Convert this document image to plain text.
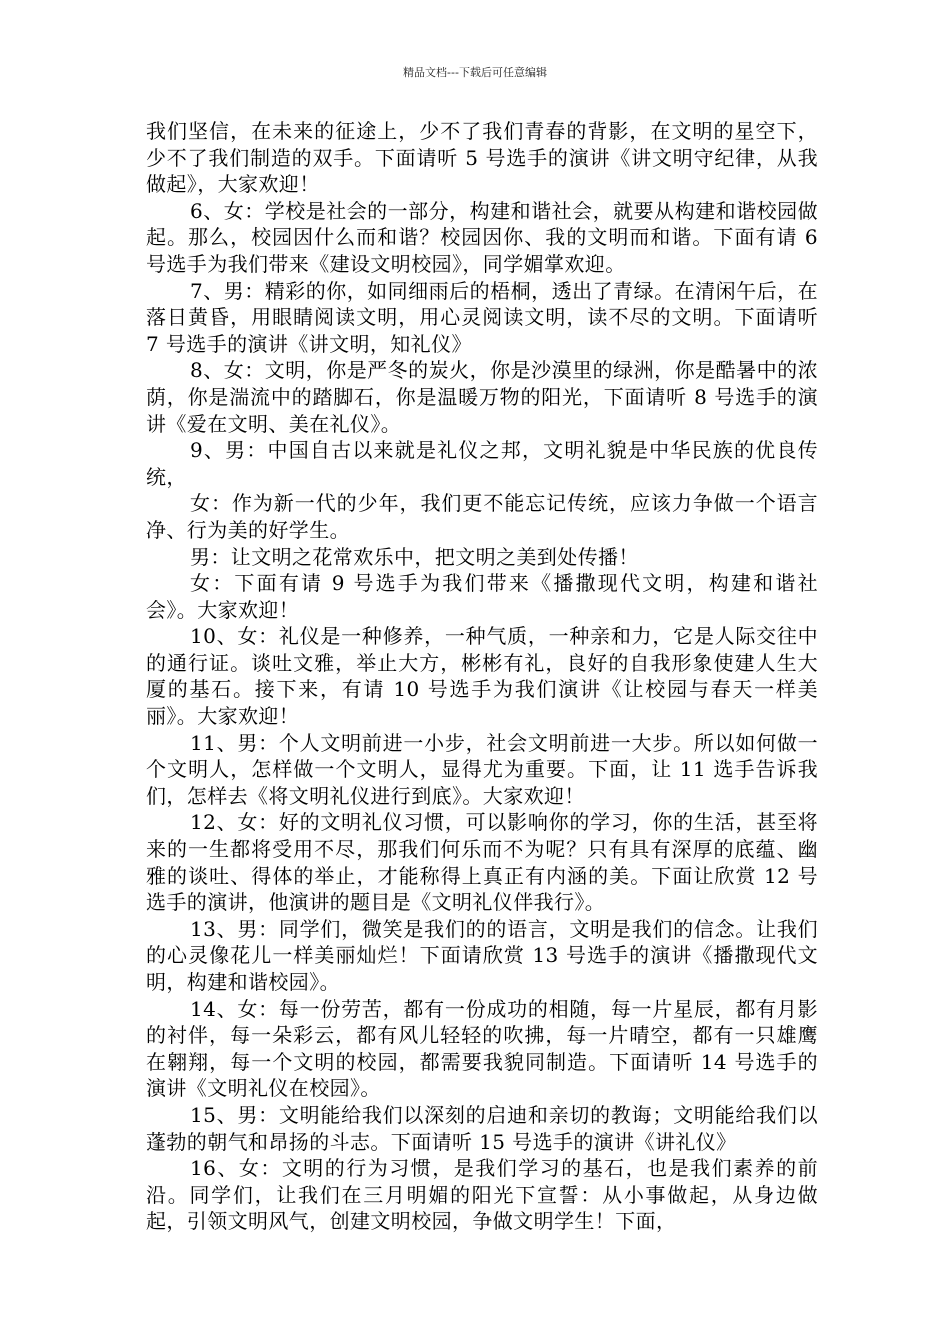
精品文档---下载后可任意编辑

我们坚信，在未来的征途上，少不了我们青春的背影，在文明的星空下，少不了我们制造的双手。下面请听 5 号选手的演讲《讲文明守纪律，从我做起》，大家欢迎！

6、女：学校是社会的一部分，构建和谐社会，就要从构建和谐校园做起。那么，校园因什么而和谐？校园因你、我的文明而和谐。下面有请 6 号选手为我们带来《建设文明校园》，同学媚掌欢迎。

7、男：精彩的你，如同细雨后的梧桐，透出了青绿。在清闲午后，在落日黄昏，用眼睛阅读文明，用心灵阅读文明，读不尽的文明。下面请听 7 号选手的演讲《讲文明，知礼仪》

8、女：文明，你是严冬的炭火，你是沙漠里的绿洲，你是酷暑中的浓荫，你是湍流中的踏脚石，你是温暖万物的阳光，下面请听 8 号选手的演讲《爱在文明、美在礼仪》。

9、男：中国自古以来就是礼仪之邦，文明礼貌是中华民族的优良传统，

女：作为新一代的少年，我们更不能忘记传统，应该力争做一个语言净、行为美的好学生。

男：让文明之花常欢乐中，把文明之美到处传播！

女：下面有请 9 号选手为我们带来《播撒现代文明，构建和谐社会》。大家欢迎！

10、女：礼仪是一种修养，一种气质，一种亲和力，它是人际交往中的通行证。谈吐文雅，举止大方，彬彬有礼，良好的自我形象使建人生大厦的基石。接下来，有请 10 号选手为我们演讲《让校园与春天一样美丽》。大家欢迎！

11、男：个人文明前进一小步，社会文明前进一大步。所以如何做一个文明人，怎样做一个文明人，显得尤为重要。下面，让 11 选手告诉我们，怎样去《将文明礼仪进行到底》。大家欢迎！

12、女：好的文明礼仪习惯，可以影响你的学习，你的生活，甚至将来的一生都将受用不尽，那我们何乐而不为呢？只有具有深厚的底蕴、幽雅的谈吐、得体的举止，才能称得上真正有内涵的美。下面让欣赏 12 号选手的演讲，他演讲的题目是《文明礼仪伴我行》。

13、男：同学们，微笑是我们的的语言，文明是我们的信念。让我们的心灵像花儿一样美丽灿烂！下面请欣赏 13 号选手的演讲《播撒现代文明，构建和谐校园》。

14、女：每一份劳苦，都有一份成功的相随，每一片星辰，都有月影的衬伴，每一朵彩云，都有风儿轻轻的吹拂，每一片晴空，都有一只雄鹰在翱翔，每一个文明的校园，都需要我貌同制造。下面请听 14 号选手的演讲《文明礼仪在校园》。

15、男：文明能给我们以深刻的启迪和亲切的教诲；文明能给我们以蓬勃的朝气和昂扬的斗志。下面请听 15 号选手的演讲《讲礼仪》

16、女：文明的行为习惯，是我们学习的基石，也是我们素养的前沿。同学们，让我们在三月明媚的阳光下宣誓：从小事做起，从身边做起，引领文明风气，创建文明校园，争做文明学生！下面，
